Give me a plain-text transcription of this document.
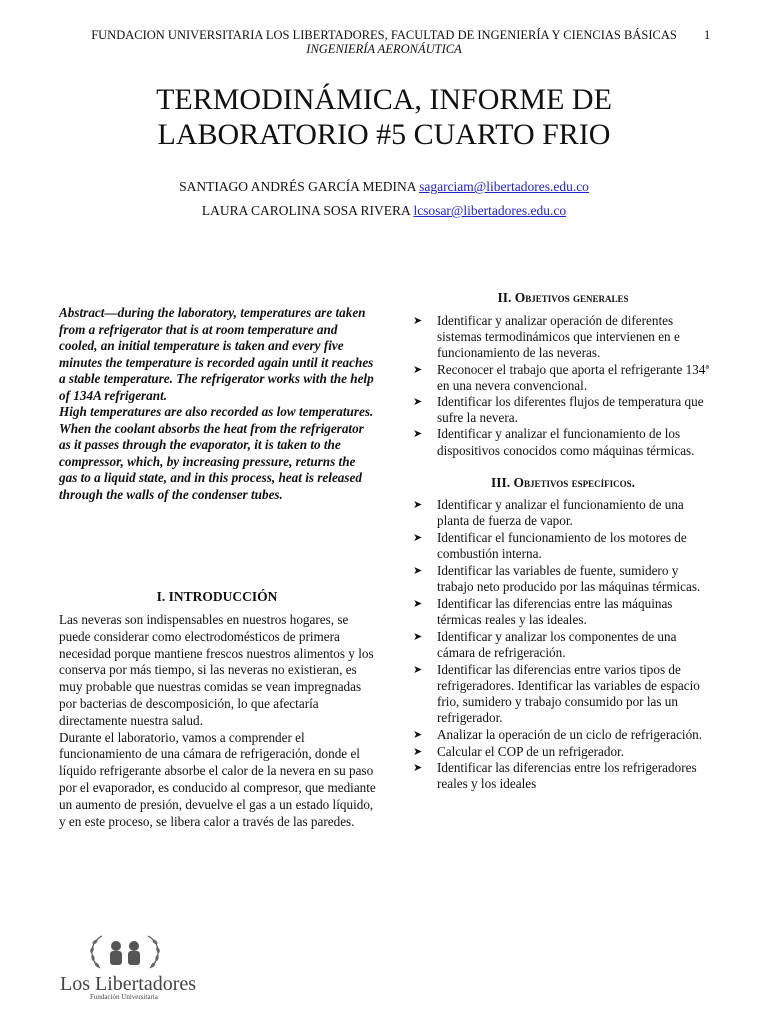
FUNDACION UNIVERSITARIA LOS LIBERTADORES, FACULTAD DE INGENIERÍA Y CIENCIAS BÁSICAS
INGENIERÍA AERONÁUTICA
1
TERMODINÁMICA, INFORME DE
LABORATORIO #5 CUARTO FRIO
SANTIAGO ANDRÉS GARCÍA MEDINA sagarciam@libertadores.edu.co
LAURA CAROLINA SOSA RIVERA lcsosar@libertadores.edu.co

Abstract—during the laboratory, temperatures are taken from a refrigerator that is at room temperature and cooled, an initial temperature is taken and every five minutes the temperature is recorded again until it reaches a stable temperature. The refrigerator works with the help of 134A refrigerant.

High temperatures are also recorded as low temperatures.

When the coolant absorbs the heat from the refrigerator as it passes through the evaporator, it is taken to the compressor, which, by increasing pressure, returns the gas to a liquid state, and in this process, heat is released through the walls of the condenser tubes.

I. INTRODUCCIÓN

Las neveras son indispensables en nuestros hogares, se puede considerar como electrodomésticos de primera necesidad porque mantiene frescos nuestros alimentos y los conserva por más tiempo, si las neveras no existieran, es muy probable que nuestras comidas se vean impregnadas por bacterias de descomposición, lo que afectaría directamente nuestra salud.

Durante el laboratorio, vamos a comprender el funcionamiento de una cámara de refrigeración, donde el líquido refrigerante absorbe el calor de la nevera en su paso por el evaporador, es conducido al compresor, que mediante un aumento de presión, devuelve el gas a un estado líquido, y en este proceso, se libera calor a través de las paredes.

II. Objetivos generales
➤ Identificar y analizar operación de diferentes sistemas termodinámicos que intervienen en e funcionamiento de las neveras.
➤ Reconocer el trabajo que aporta el refrigerante 134ª en una nevera convencional.
➤ Identificar los diferentes flujos de temperatura que sufre la nevera.
➤ Identificar y analizar el funcionamiento de los dispositivos conocidos como máquinas térmicas.
III. Objetivos específicos.
➤ Identificar y analizar el funcionamiento de una planta de fuerza de vapor.
➤ Identificar el funcionamiento de los motores de combustión interna.
➤ Identificar las variables de fuente, sumidero y trabajo neto producido por las máquinas térmicas.
➤ Identificar las diferencias entre las máquinas térmicas reales y las ideales.
➤ Identificar y analizar los componentes de una cámara de refrigeración.
➤ Identificar las diferencias entre varios tipos de refrigeradores. Identificar las variables de espacio frio, sumidero y trabajo consumido por las un refrigerador.
➤ Analizar la operación de un ciclo de refrigeración.
➤ Calcular el COP de un refrigerador.
➤ Identificar las diferencias entre los refrigeradores reales y los ideales
Los Libertadores
Fundación Universitaria
